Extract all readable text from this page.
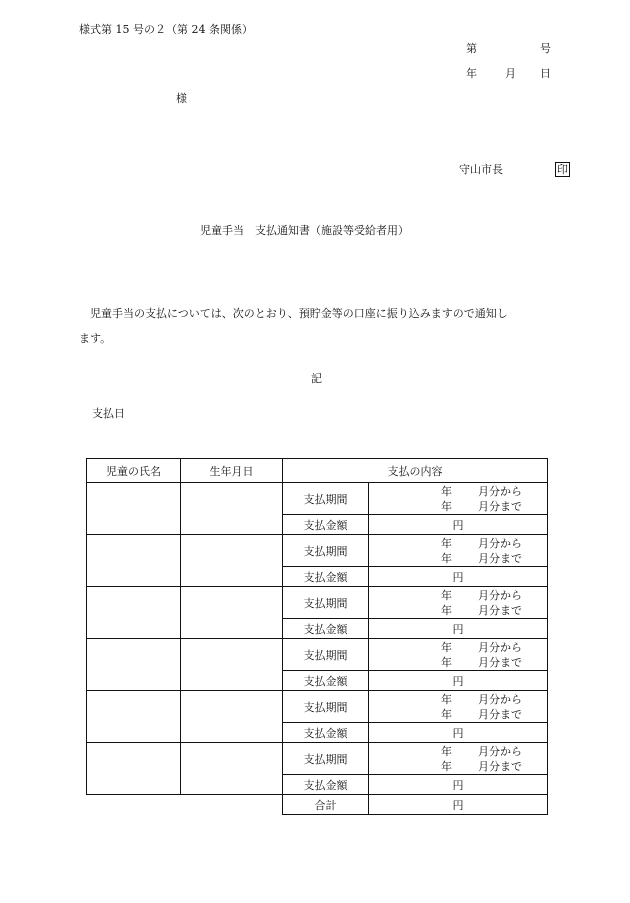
様式第 15 号の２（第 24 条関係）
第	号
年	月 日
様
守山市長	印
児童手当　支払通知書（施設等受給者用）
児童手当の支払については、次のとおり、預貯金等の口座に振り込みますので通知し
ます。
記
支払日
児童の氏名	生年月日	支払の内容	
		支払期間	年 月分から
年 月分まで

		支払金額	円
		支払期間	年 月分から
年 月分まで

		支払金額	円
		支払期間	年 月分から
年 月分まで

		支払金額	円
		支払期間	年 月分から
年 月分まで

		支払金額	円
		支払期間	年 月分から
年 月分まで

		支払金額	円
		支払期間	年 月分から
年 月分まで

		支払金額	円
		合計	円
